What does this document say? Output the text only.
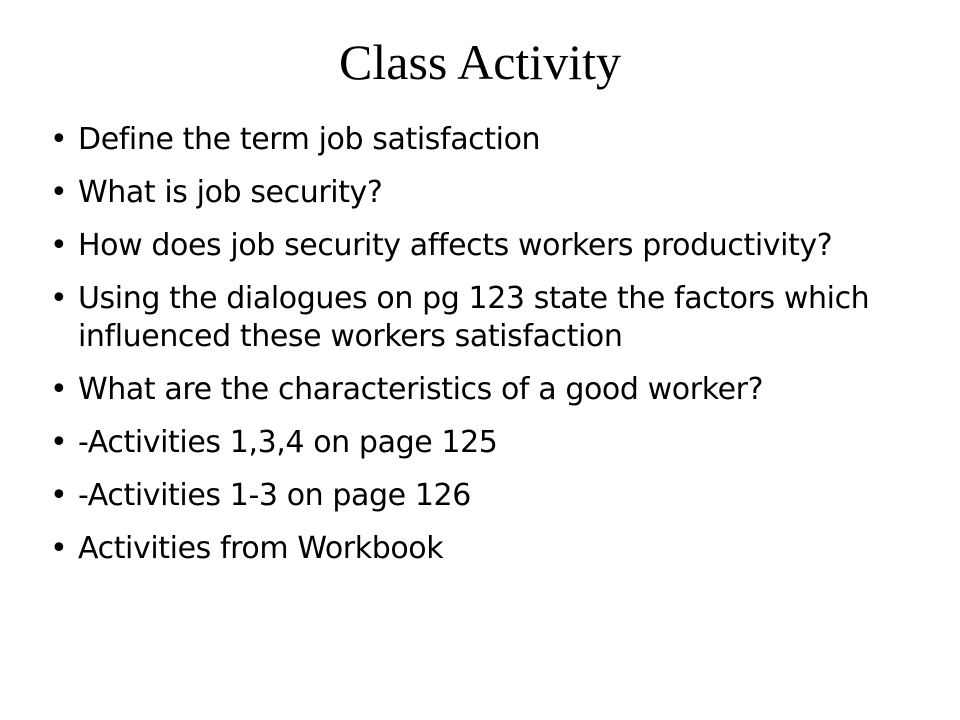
Class Activity
• Define the term job satisfaction
• What is job security?
• How does job security affects workers productivity?
• Using the dialogues on pg 123 state the factors which influenced these workers satisfaction
• What are the characteristics of a good worker?
• -Activities 1,3,4 on page 125
• -Activities 1-3 on page 126
• Activities from Workbook
